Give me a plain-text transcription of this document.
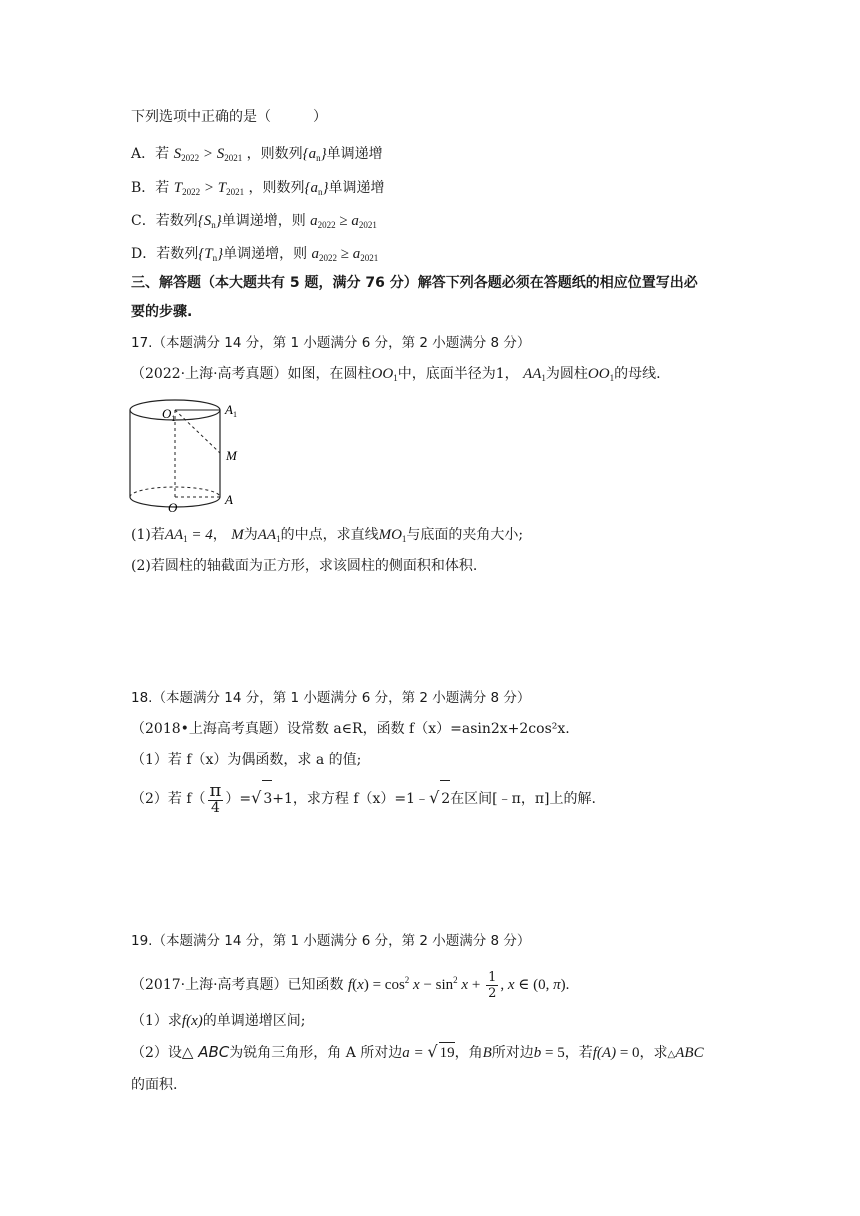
下列选项中正确的是（　　　）
A．若 $S_{2022} > S_{2021}$ ，则数列$\{a_n\}$单调递增
B．若 $T_{2022} > T_{2021}$ ，则数列$\{a_n\}$单调递增
C．若数列$\{S_n\}$单调递增，则 $a_{2022} \ge a_{2021}$
D．若数列$\{T_n\}$单调递增，则 $a_{2022} \ge a_{2021}$
三、解答题（本大题共有 5 题，满分 76 分）解答下列各题必须在答题纸的相应位置写出必
要的步骤.
17.（本题满分 14 分，第 1 小题满分 6 分，第 2 小题满分 8 分）
（2022·上海·高考真题）如图，在圆柱$OO_1$中，底面半径为1， $AA_1$为圆柱$OO_1$的母线.
$O_1$
$A_1$
M
O
A
(1)若$AA_1 = 4$， M为$AA_1$的中点，求直线$MO_1$与底面的夹角大小;
(2)若圆柱的轴截面为正方形，求该圆柱的侧面积和体积.
18.（本题满分 14 分，第 1 小题满分 6 分，第 2 小题满分 8 分）
（2018•上海高考真题）设常数 a∈R，函数 f（x）=asin2x+2cos²x.
（1）若 f（x）为偶函数，求 a 的值;
（2）若 $f( \frac{\pi}{4}$ ）=√ 3+1，求方程 f（x）=1﹣√ 2在区间[﹣π，π]上的解.
19.（本题满分 14 分，第 1 小题满分 6 分，第 2 小题满分 8 分）
（2017·上海·高考真题）已知函数 $f(x) = \cos^2 x - \sin^2 x + \frac{1}{2}$ , x ∈ (0, π).
（1）求f(x)的单调递增区间;
（2）设△ ABC为锐角三角形，角 A 所对边a = √ 19，角B所对边b = 5，若f(A) = 0，求△ABC
的面积.
